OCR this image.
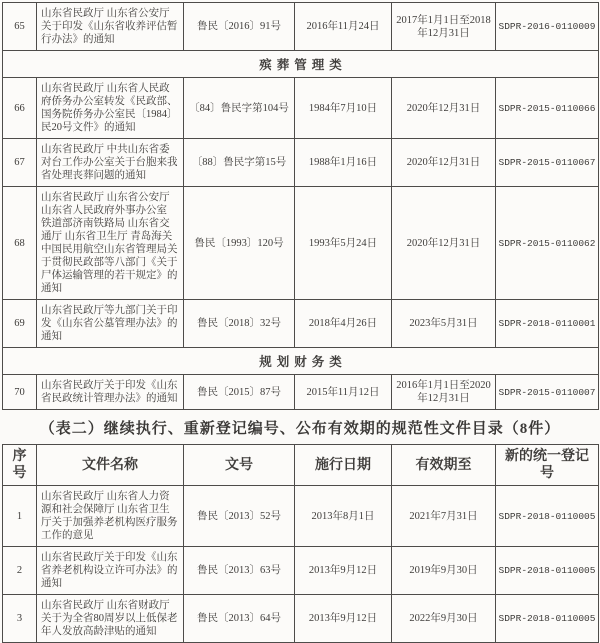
65	山东省民政厅 山东省公安厅关于印发《山东省收养评估暂行办法》的通知	鲁民〔2016〕91号	2016年11月24日	2017年1月1日至2018年12月31日	SDPR-2016-0110009
殡葬管理类					
66	山东省民政厅 山东省人民政府侨务办公室转发《民政部、国务院侨务办公室民〔1984〕民20号文件》的通知	〔84〕鲁民字第104号	1984年7月10日	2020年12月31日	SDPR-2015-0110066
67	山东省民政厅 中共山东省委对台工作办公室关于台胞来我省处理丧葬问题的通知	〔88〕鲁民字第15号	1988年1月16日	2020年12月31日	SDPR-2015-0110067
68	山东省民政厅 山东省公安厅 山东省人民政府外事办公室 铁道部济南铁路局 山东省交通厅 山东省卫生厅 青岛海关 中国民用航空山东省管理局关于贯彻民政部等八部门《关于尸体运输管理的若干规定》的通知	鲁民〔1993〕120号	1993年5月24日	2020年12月31日	SDPR-2015-0110062
69	山东省民政厅等九部门关于印发《山东省公墓管理办法》的通知	鲁民〔2018〕32号	2018年4月26日	2023年5月31日	SDPR-2018-0110001
规划财务类					
70	山东省民政厅关于印发《山东省民政统计管理办法》的通知	鲁民〔2015〕87号	2015年11月12日	2016年1月1日至2020年12月31日	SDPR-2015-0110007
（表二）继续执行、重新登记编号、公布有效期的规范性文件目录（8件）
序号	文件名称	文号	施行日期	有效期至	新的统一登记号
1	山东省民政厅 山东省人力资源和社会保障厅 山东省卫生厅关于加强养老机构医疗服务工作的意见	鲁民〔2013〕52号	2013年8月1日	2021年7月31日	SDPR-2018-0110005
2	山东省民政厅关于印发《山东省养老机构设立许可办法》的通知	鲁民〔2013〕63号	2013年9月12日	2019年9月30日	SDPR-2018-0110005
3	山东省民政厅 山东省财政厅关于为全省80周岁以上低保老年人发放高龄津贴的通知	鲁民〔2013〕64号	2013年9月12日	2022年9月30日	SDPR-2018-0110005
